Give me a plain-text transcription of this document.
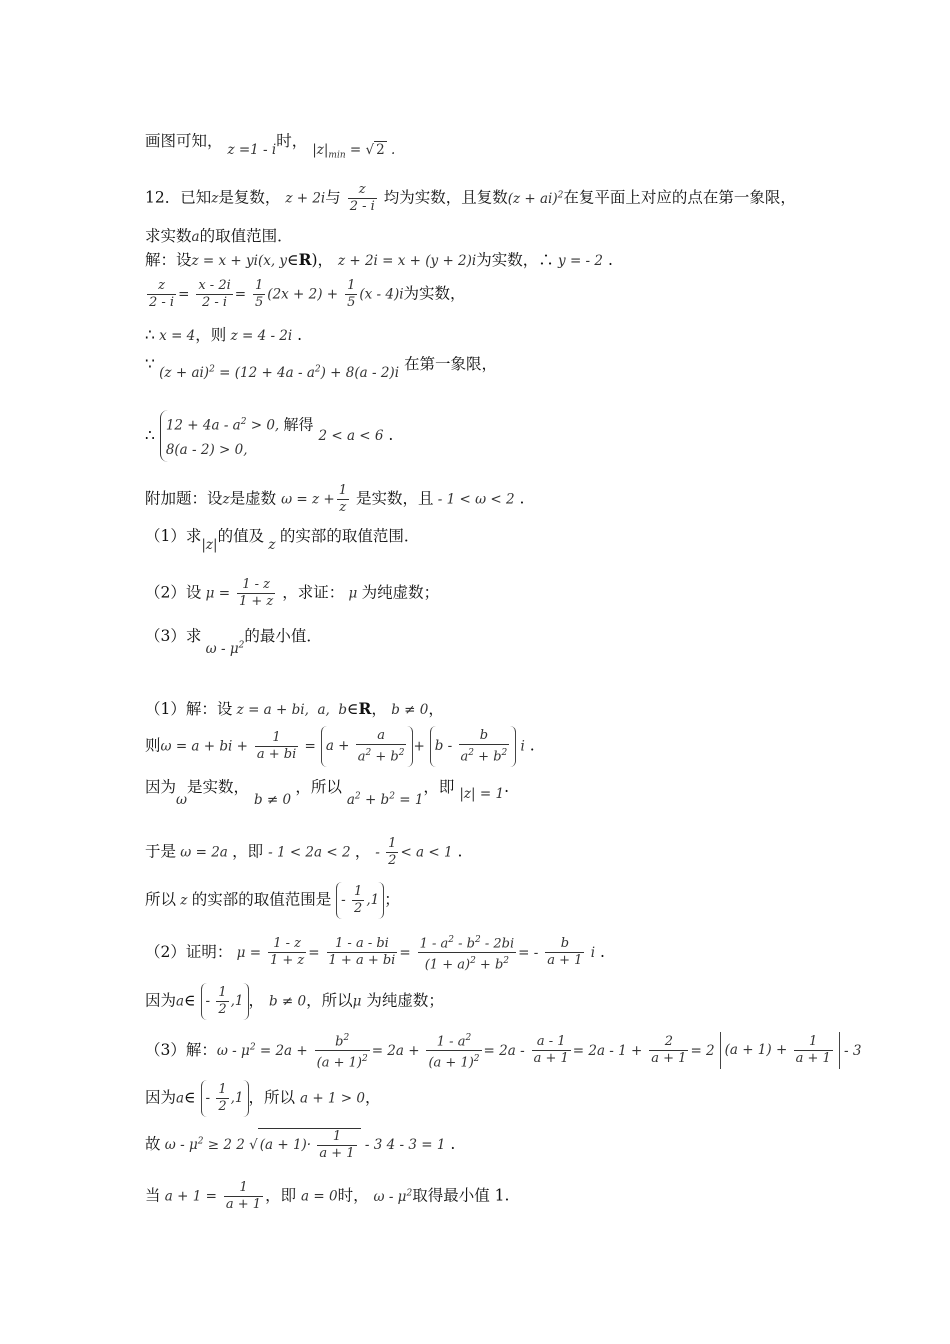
画图可知， z =1 - i时， $|z|_{min}$ = √ 2 .
12．已知z是复数， z + 2i与 $\frac{z}{2 - i}$ 均为实数，且复数(z + ai)$^2$在复平面上对应的点在第一象限，
求实数a的取值范围．
解：设z = x + yi(x, y∈R)， z + 2i = x + (y + 2)i为实数，∴ y = - 2 .
$\frac{z}{2 - i} = \frac{x - 2i}{2 - i} = \frac{1}{5} (2x + 2) + \frac{1}{5} (x - 4)i$为实数，
∴ x = 4，则 z = 4 - 2i .
∵ $(z + ai)^2 = (12 + 4a - a^2) + 8(a - 2)i$ 在第一象限，
∴ $12 + 4a - a^2 > 0$, 解得
8(a - 2) > 0, 2 < a < 6 .
附加题：设z是虚数 $\omega = z + \frac{1}{z}$ 是实数，且 - 1 < ω < 2 .
（1）求|z|的值及 z 的实部的取值范围．
（2）设 $\mu = \frac{1 - z}{1 + z}$ ，求证： μ 为纯虚数；
（3）求 ω - $\mu^2$的最小值．
（1）解：设 z = a + bi,  a,  b∈R， b ≠ 0，
则ω = a + bi + $\frac{1}{a + bi} = a + \frac{a}{a^2 + b^2} + b - \frac{b}{a^2 + b^2}$ i .
因为ω是实数， b ≠ 0 ，所以 $a^2 + b^2 = 1$，即 |z| = 1.
于是 ω = 2a ，即 - 1 < 2a < 2 ， - $\frac{1}{2} < a < 1$ .
所以 z 的实部的取值范围是 - $\frac{1}{2} ,1$ ；
（2）证明： $\mu = \frac{1 - z}{1 + z} = \frac{1 - a - bi}{1 + a + bi} = \frac{1 - a^2 - b^2 - 2bi}{(1 + a)^2 + b^2}$ = - $\frac{b}{a + 1}$ i .
因为a∈ - $\frac{1}{2} ,1$ ， b ≠ 0，所以μ 为纯虚数；
（3）解：$\omega - \mu^2 = 2a + \frac{b^2}{(a + 1)^2} = 2a + \frac{1 - a^2}{(a + 1)^2} = 2a - \frac{a - 1}{a + 1} = 2a - 1 + \frac{2}{a + 1} = 2$ $(a + 1) + \frac{1}{a + 1} - 3$
因为a∈ - $\frac{1}{2} ,1$ ，所以 a + 1 > 0，
故 $\omega - \mu^2 \ge 2$ 2 √ $(a + 1)\cdot \frac{1}{a + 1} - 3$ 4 - 3 = 1 .
当 $a + 1 = \frac{1}{a + 1}$ ，即 a = 0时， ω - $\mu^2$取得最小值 1.
